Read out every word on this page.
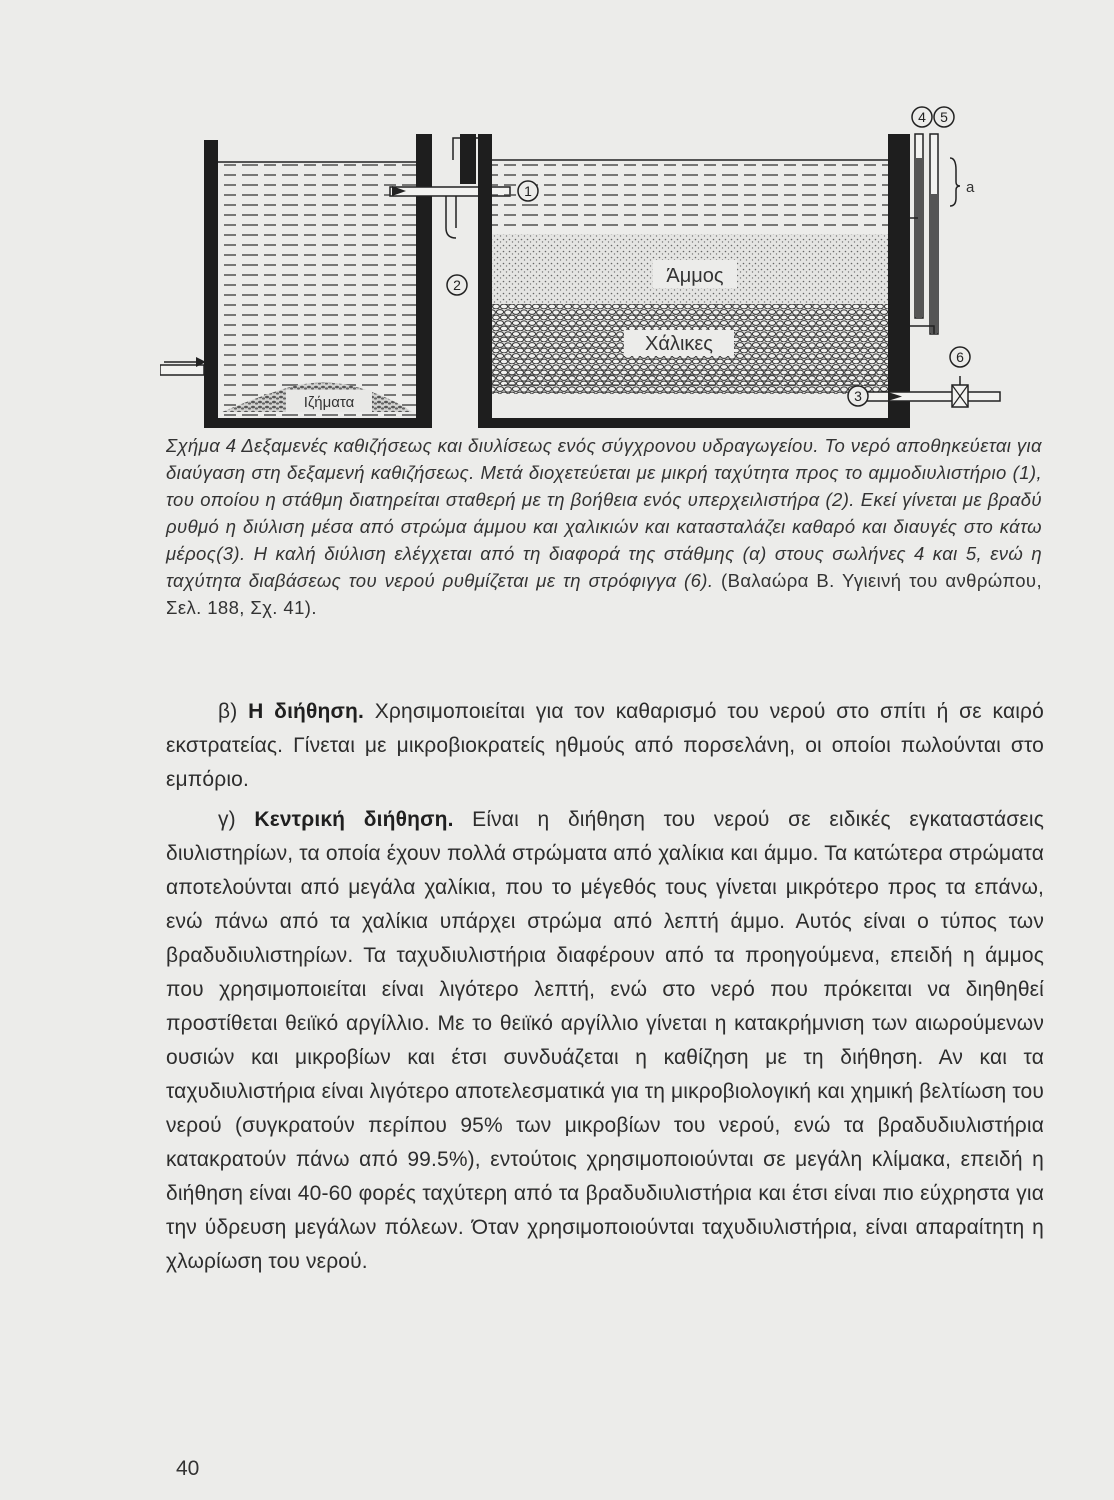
Ιζήματα
Άμμος
Χάλικες
a
1
2
3
4 5
6
Σχήμα 4 Δεξαμενές καθιζήσεως και διυλίσεως ενός σύγχρονου υδραγωγείου. Το νερό αποθηκεύεται για διαύγαση στη δεξαμενή καθιζήσεως. Μετά διοχετεύεται με μικρή ταχύτητα προς το αμμοδιυλιστήριο (1), του οποίου η στάθμη διατηρείται σταθερή με τη βοήθεια ενός υπερχειλιστήρα (2). Εκεί γίνεται με βραδύ ρυθμό η διύλιση μέσα από στρώμα άμμου και χαλικιών και κατασταλάζει καθαρό και διαυγές στο κάτω μέρος(3). Η καλή διύλιση ελέγχεται από τη διαφορά της στάθμης (α) στους σωλήνες 4 και 5, ενώ η ταχύτητα διαβάσεως του νερού ρυθμίζεται με τη στρόφιγγα (6). (Βαλαώρα Β. Υγιεινή του ανθρώπου, Σελ. 188, Σχ. 41).

β) Η διήθηση. Χρησιμοποιείται για τον καθαρισμό του νερού στο σπίτι ή σε καιρό εκστρατείας. Γίνεται με μικροβιοκρατείς ηθμούς από πορσελάνη, οι οποίοι πωλούνται στο εμπόριο.

γ) Κεντρική διήθηση. Είναι η διήθηση του νερού σε ειδικές εγκαταστάσεις διυλιστηρίων, τα οποία έχουν πολλά στρώματα από χαλίκια και άμμο. Τα κατώτερα στρώματα αποτελούνται από μεγάλα χαλίκια, που το μέγεθός τους γίνεται μικρότερο προς τα επάνω, ενώ πάνω από τα χαλίκια υπάρχει στρώμα από λεπτή άμμο. Αυτός είναι ο τύπος των βραδυδιυλιστηρίων. Τα ταχυδιυλιστήρια διαφέρουν από τα προηγούμενα, επειδή η άμμος που χρησιμοποιείται είναι λιγότερο λεπτή, ενώ στο νερό που πρόκειται να διηθηθεί προστίθεται θειϊκό αργίλλιο. Με το θειϊκό αργίλλιο γίνεται η κατακρήμνιση των αιωρούμενων ουσιών και μικροβίων και έτσι συνδυάζεται η καθίζηση με τη διήθηση. Αν και τα ταχυδιυλιστήρια είναι λιγότερο αποτελεσματικά για τη μικροβιολογική και χημική βελτίωση του νερού (συγκρατούν περίπου 95% των μικροβίων του νερού, ενώ τα βραδυδιυλιστήρια κατακρατούν πάνω από 99.5%), εντούτοις χρησιμοποιούνται σε μεγάλη κλίμακα, επειδή η διήθηση είναι 40-60 φορές ταχύτερη από τα βραδυδιυλιστήρια και έτσι είναι πιο εύχρηστα για την ύδρευση μεγάλων πόλεων. Όταν χρησιμοποιούνται ταχυδιυλιστήρια, είναι απαραίτητη η χλωρίωση του νερού.

40
